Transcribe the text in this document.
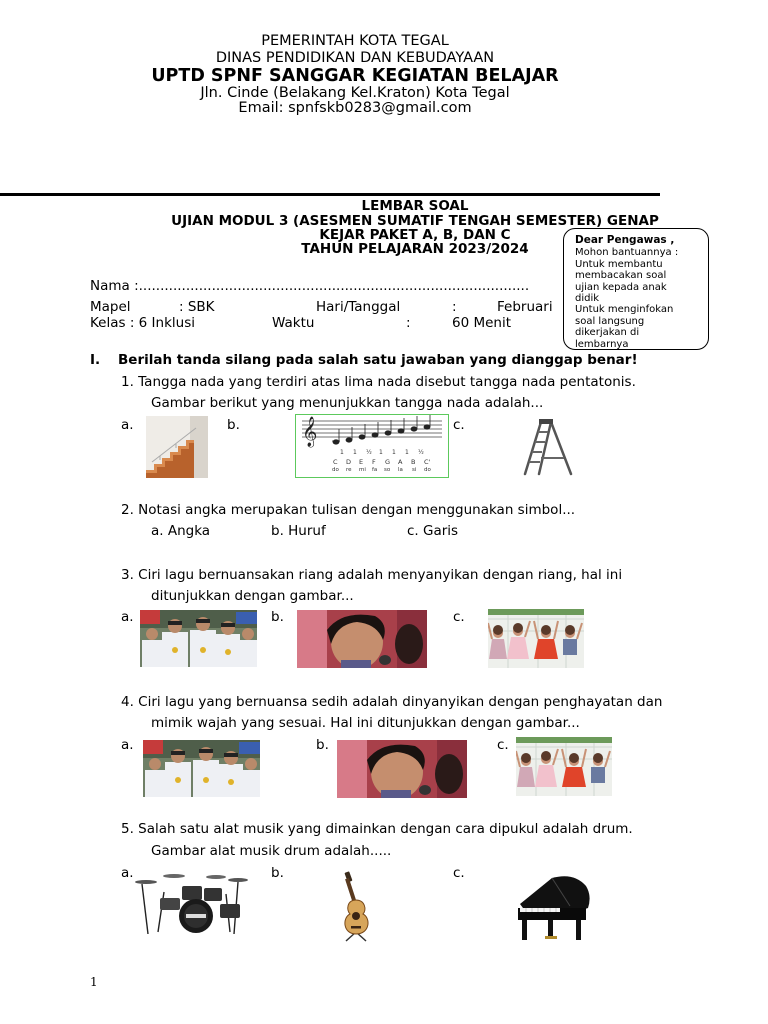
PEMERINTAH KOTA TEGAL
DINAS PENDIDIKAN DAN KEBUDAYAAN
UPTD SPNF SANGGAR KEGIATAN BELAJAR
Jln. Cinde (Belakang Kel.Kraton) Kota Tegal
Email: spnfskb0283@gmail.com
LEMBAR SOAL
UJIAN MODUL 3 (ASESMEN SUMATIF TENGAH SEMESTER) GENAP
KEJAR PAKET A, B, DAN C
TAHUN PELAJARAN 2023/2024
Dear Pengawas ,

Mohon bantuannya :

Untuk membantu

membacakan soal

ujian kepada anak

didik

Untuk menginfokan

soal langsung

dikerjakan di

lembarnya

Nama :...........................................................................................
Mapel	: SBK	Hari/Tanggal	:	Februari
Kelas : 6 Inklusi	Waktu	:	60 Menit
I. Berilah tanda silang pada salah satu jawaban yang dianggap benar!
1. Tangga nada yang terdiri atas lima nada disebut tangga nada pentatonis.
Gambar berikut yang menunjukkan tangga nada adalah...
a.	b.	c.
𝄞
1 1 ½ 1 1 1 ½
C D E F G A B C'
do re mi fa so la si do
2. Notasi angka merupakan tulisan dengan menggunakan simbol...
a. Angka	b. Huruf	c. Garis
3. Ciri lagu bernuansakan riang adalah menyanyikan dengan riang, hal ini
ditunjukkan dengan gambar...
a.	b.	c.
4. Ciri lagu yang bernuansa sedih adalah dinyanyikan dengan penghayatan dan
mimik wajah yang sesuai. Hal ini ditunjukkan dengan gambar...
a.	b.	c.
5. Salah satu alat musik yang dimainkan dengan cara dipukul adalah drum.
Gambar alat musik drum adalah.....
a.	b.	c.
1
